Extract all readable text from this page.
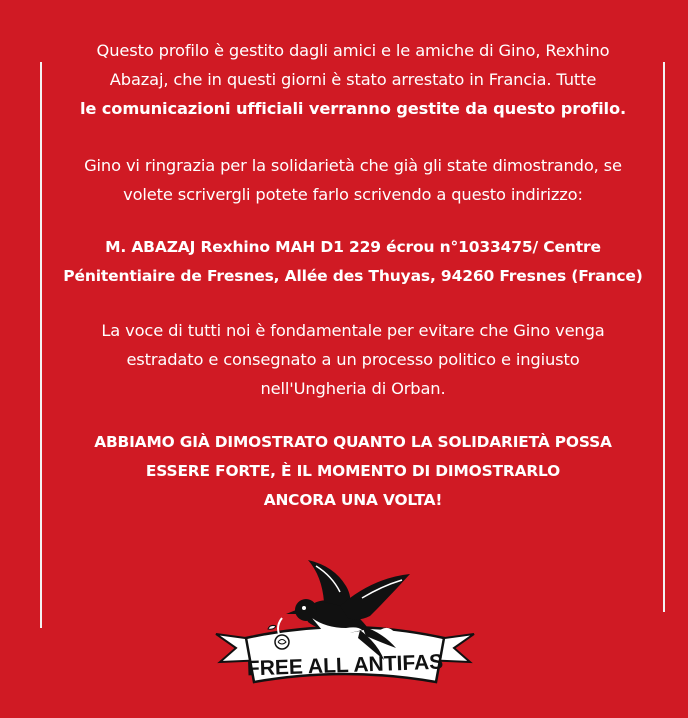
Questo profilo è gestito dagli amici e le amiche di Gino, Rexhino
Abazaj, che in questi giorni è stato arrestato in Francia. Tutte
le comunicazioni ufficiali verranno gestite da questo profilo.

Gino vi ringrazia per la solidarietà che già gli state dimostrando, se
volete scrivergli potete farlo scrivendo a questo indirizzo:

M. ABAZAJ Rexhino MAH D1 229 écrou n°1033475/ Centre
Pénitentiaire de Fresnes, Allée des Thuyas, 94260 Fresnes (France)

La voce di tutti noi è fondamentale per evitare che Gino venga
estradato e consegnato a un processo politico e ingiusto
nell'Ungheria di Orban.

ABBIAMO GIÀ DIMOSTRATO QUANTO LA SOLIDARIETÀ POSSA
ESSERE FORTE, È IL MOMENTO DI DIMOSTRARLO
ANCORA UNA VOLTA!

FREE ALL ANTIFAS
